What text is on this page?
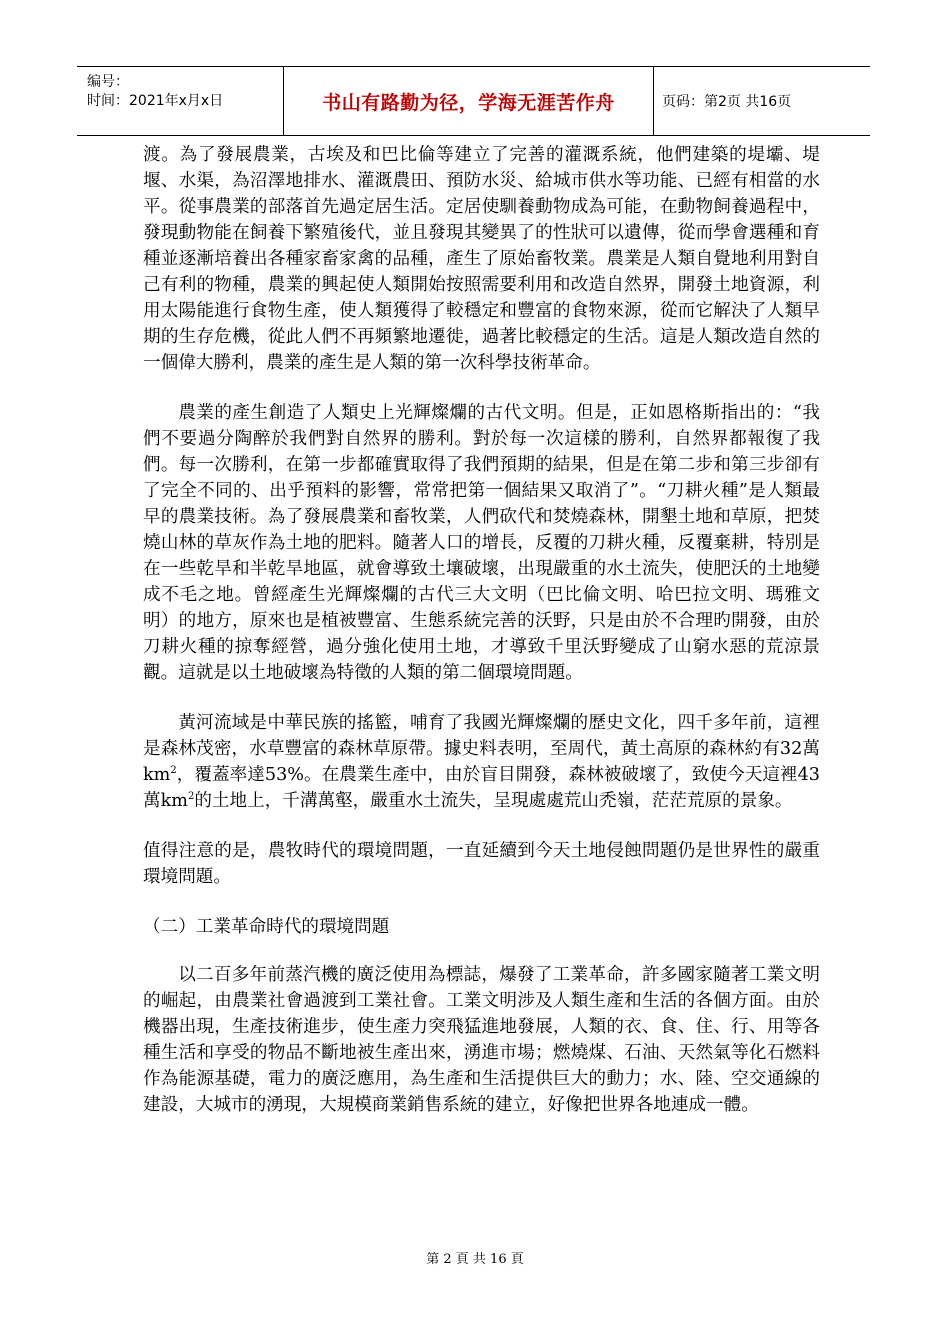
编号：
时间：2021年x月x日	书山有路勤为径，学海无涯苦作舟	页码：第2页 共16页

渡。為了發展農業，古埃及和巴比倫等建立了完善的灌溉系統，他們建築的堤壩、堤堰、水渠，為沼澤地排水、灌溉農田、預防水災、給城市供水等功能、已經有相當的水平。從事農業的部落首先過定居生活。定居使馴養動物成為可能，在動物飼養過程中，發現動物能在飼養下繁殖後代，並且發現其變異了的性狀可以遺傳，從而學會選種和育種並逐漸培養出各種家畜家禽的品種，產生了原始畜牧業。農業是人類自覺地利用對自己有利的物種，農業的興起使人類開始按照需要利用和改造自然界，開發土地資源，利用太陽能進行食物生產，使人類獲得了較穩定和豐富的食物來源，從而它解決了人類早期的生存危機，從此人們不再頻繁地遷徙，過著比較穩定的生活。這是人類改造自然的一個偉大勝利，農業的產生是人類的第一次科學技術革命。

農業的產生創造了人類史上光輝燦爛的古代文明。但是，正如恩格斯指出的：“我們不要過分陶醉於我們對自然界的勝利。對於每一次這樣的勝利，自然界都報復了我們。每一次勝利，在第一步都確實取得了我們預期的結果，但是在第二步和第三步卻有了完全不同的、出乎預料的影響，常常把第一個結果又取消了”。“刀耕火種”是人類最早的農業技術。為了發展農業和畜牧業，人們砍代和焚燒森林，開墾土地和草原，把焚燒山林的草灰作為土地的肥料。隨著人口的增長，反覆的刀耕火種，反覆棄耕，特別是在一些乾旱和半乾旱地區，就會導致土壤破壞，出現嚴重的水土流失，使肥沃的土地變成不毛之地。曾經產生光輝燦爛的古代三大文明（巴比倫文明、哈巴拉文明、瑪雅文明）的地方，原來也是植被豐富、生態系統完善的沃野，只是由於不合理旳開發，由於刀耕火種的掠奪經營，過分強化使用土地，才導致千里沃野變成了山窮水惡的荒涼景觀。這就是以土地破壞為特徵的人類的第二個環境問題。

黃河流域是中華民族的搖籃，哺育了我國光輝燦爛的歷史文化，四千多年前，這裡是森林茂密，水草豐富的森林草原帶。據史料表明，至周代，黃土高原的森林約有32萬$km^2$，覆蓋率達53%。在農業生產中，由於盲目開發，森林被破壞了，致使今天這裡43萬$km^2$的土地上，千溝萬壑，嚴重水土流失，呈現處處荒山禿嶺，茫茫荒原的景象。

值得注意的是，農牧時代的環境問題，一直延續到今天土地侵蝕問題仍是世界性的嚴重環境問題。

（二）工業革命時代的環境問題

以二百多年前蒸汽機的廣泛使用為標誌，爆發了工業革命，許多國家隨著工業文明的崛起，由農業社會過渡到工業社會。工業文明涉及人類生產和生活的各個方面。由於機器出現，生產技術進步，使生產力突飛猛進地發展，人類的衣、食、住、行、用等各種生活和享受的物品不斷地被生產出來，湧進市場；燃燒煤、石油、天然氣等化石燃料作為能源基礎，電力的廣泛應用，為生產和生活提供巨大的動力；水、陸、空交通線的建設，大城市的湧現，大規模商業銷售系統的建立，好像把世界各地連成一體。

第 2 頁 共 16 頁
